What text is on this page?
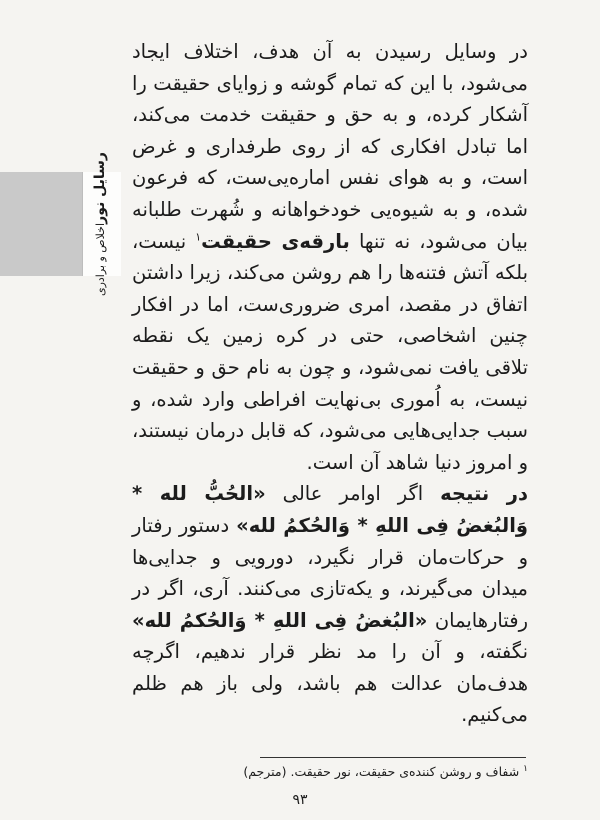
رسایل نور
اخلاص و برادری

در وسایل رسیدن به آن هدف، اختلاف ایجاد می‌شود، با این که تمام گوشه و زوایای حقیقت را آشکار کرده، و به حق و حقیقت خدمت می‌کند، اما تبادل افکاری که از روی طرفداری و غرض است، و به هوای نفس اماره‌یی‌ست، که فرعون شده، و به شیوه‌یی خودخواهانه و شُهرت طلبانه بیان می‌شود، نه تنها بارقه‌ی حقیقت$^۱$ نیست، بلکه آتش فتنه‌ها را هم روشن می‌کند، زیرا داشتن اتفاق در مقصد، امری ضروری‌ست، اما در افکار چنین اشخاصی، حتی در کره زمین یک نقطه تلاقی یافت نمی‌شود، و چون به نام حق و حقیقت نیست، به اُموری بی‌نهایت افراطی وارد شده، و سبب جدایی‌هایی می‌شود، که قابل درمان نیستند، و امروز دنیا شاهد آن است.

در نتیجه اگر اوامر عالی «الحُبُّ لله * وَالبُغضُ فِی اللهِ * وَالحُکمُ لله» دستور رفتار و حرکات‌مان قرار نگیرد، دورویی و جدایی‌ها میدان می‌گیرند، و یکه‌تازی می‌کنند. آری، اگر در رفتارهایمان «البُغضُ فِی اللهِ * وَالحُکمُ لله» نگفته، و آن را مد نظر قرار ندهیم، اگرچه هدف‌مان عدالت هم باشد، ولی باز هم ظلم می‌کنیم.

$^۱$ شفاف و روشن کننده‌ی حقیقت، نور حقیقت. (مترجم)
۹۳
